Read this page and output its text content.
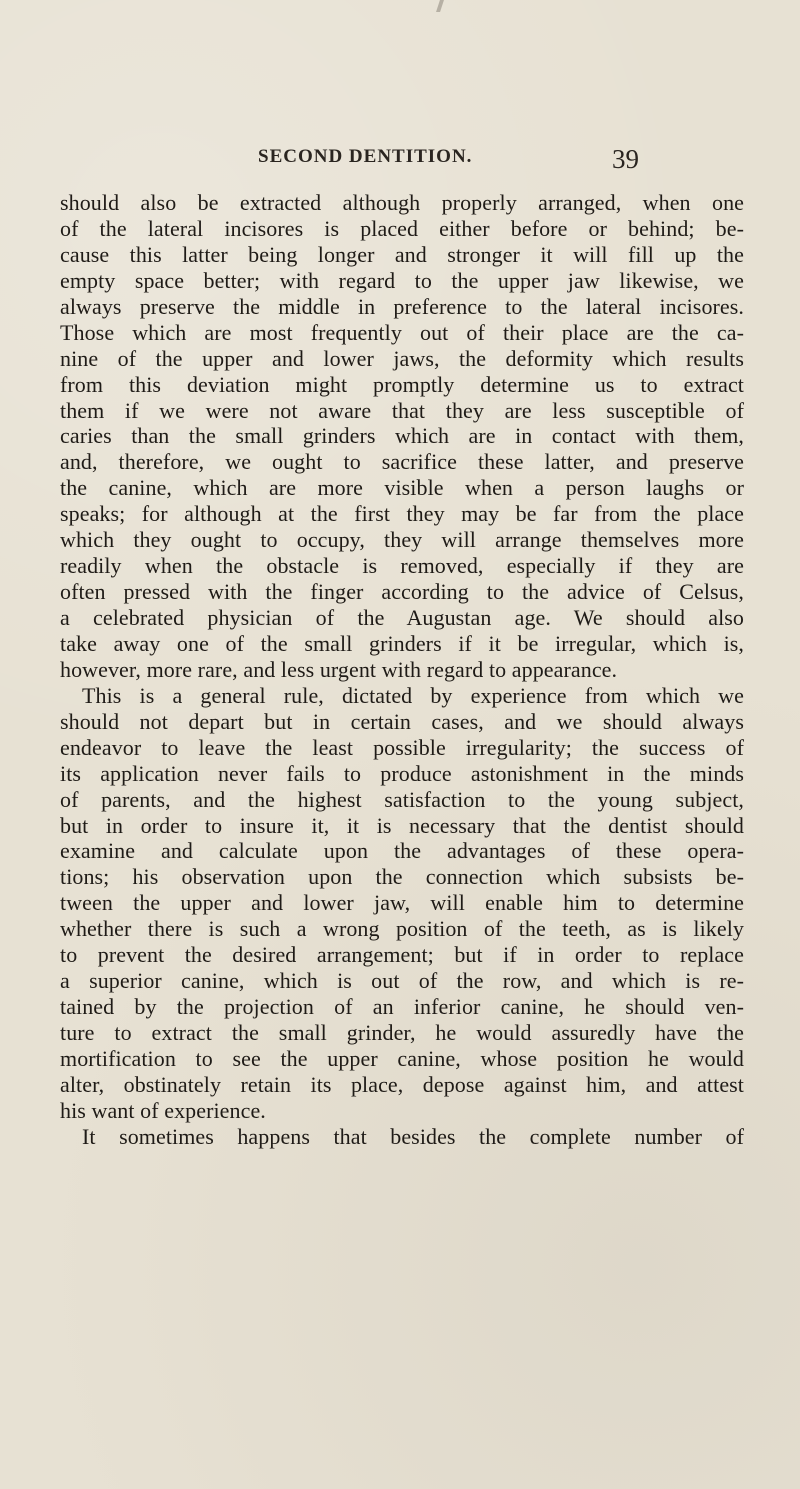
SECOND DENTITION.	39
should also be extracted although properly arranged, when one
of the lateral incisores is placed either before or behind; be-
cause this latter being longer and stronger it will fill up the
empty space better; with regard to the upper jaw likewise, we
always preserve the middle in preference to the lateral incisores.
Those which are most frequently out of their place are the ca-
nine of the upper and lower jaws, the deformity which results
from this deviation might promptly determine us to extract
them if we were not aware that they are less susceptible of
caries than the small grinders which are in contact with them,
and, therefore, we ought to sacrifice these latter, and preserve
the canine, which are more visible when a person laughs or
speaks; for although at the first they may be far from the place
which they ought to occupy, they will arrange themselves more
readily when the obstacle is removed, especially if they are
often pressed with the finger according to the advice of Celsus,
a celebrated physician of the Augustan age. We should also
take away one of the small grinders if it be irregular, which is,
however, more rare, and less urgent with regard to appearance.
This is a general rule, dictated by experience from which we
should not depart but in certain cases, and we should always
endeavor to leave the least possible irregularity; the success of
its application never fails to produce astonishment in the minds
of parents, and the highest satisfaction to the young subject,
but in order to insure it, it is necessary that the dentist should
examine and calculate upon the advantages of these opera-
tions; his observation upon the connection which subsists be-
tween the upper and lower jaw, will enable him to determine
whether there is such a wrong position of the teeth, as is likely
to prevent the desired arrangement; but if in order to replace
a superior canine, which is out of the row, and which is re-
tained by the projection of an inferior canine, he should ven-
ture to extract the small grinder, he would assuredly have the
mortification to see the upper canine, whose position he would
alter, obstinately retain its place, depose against him, and attest
his want of experience.
It sometimes happens that besides the complete number of
